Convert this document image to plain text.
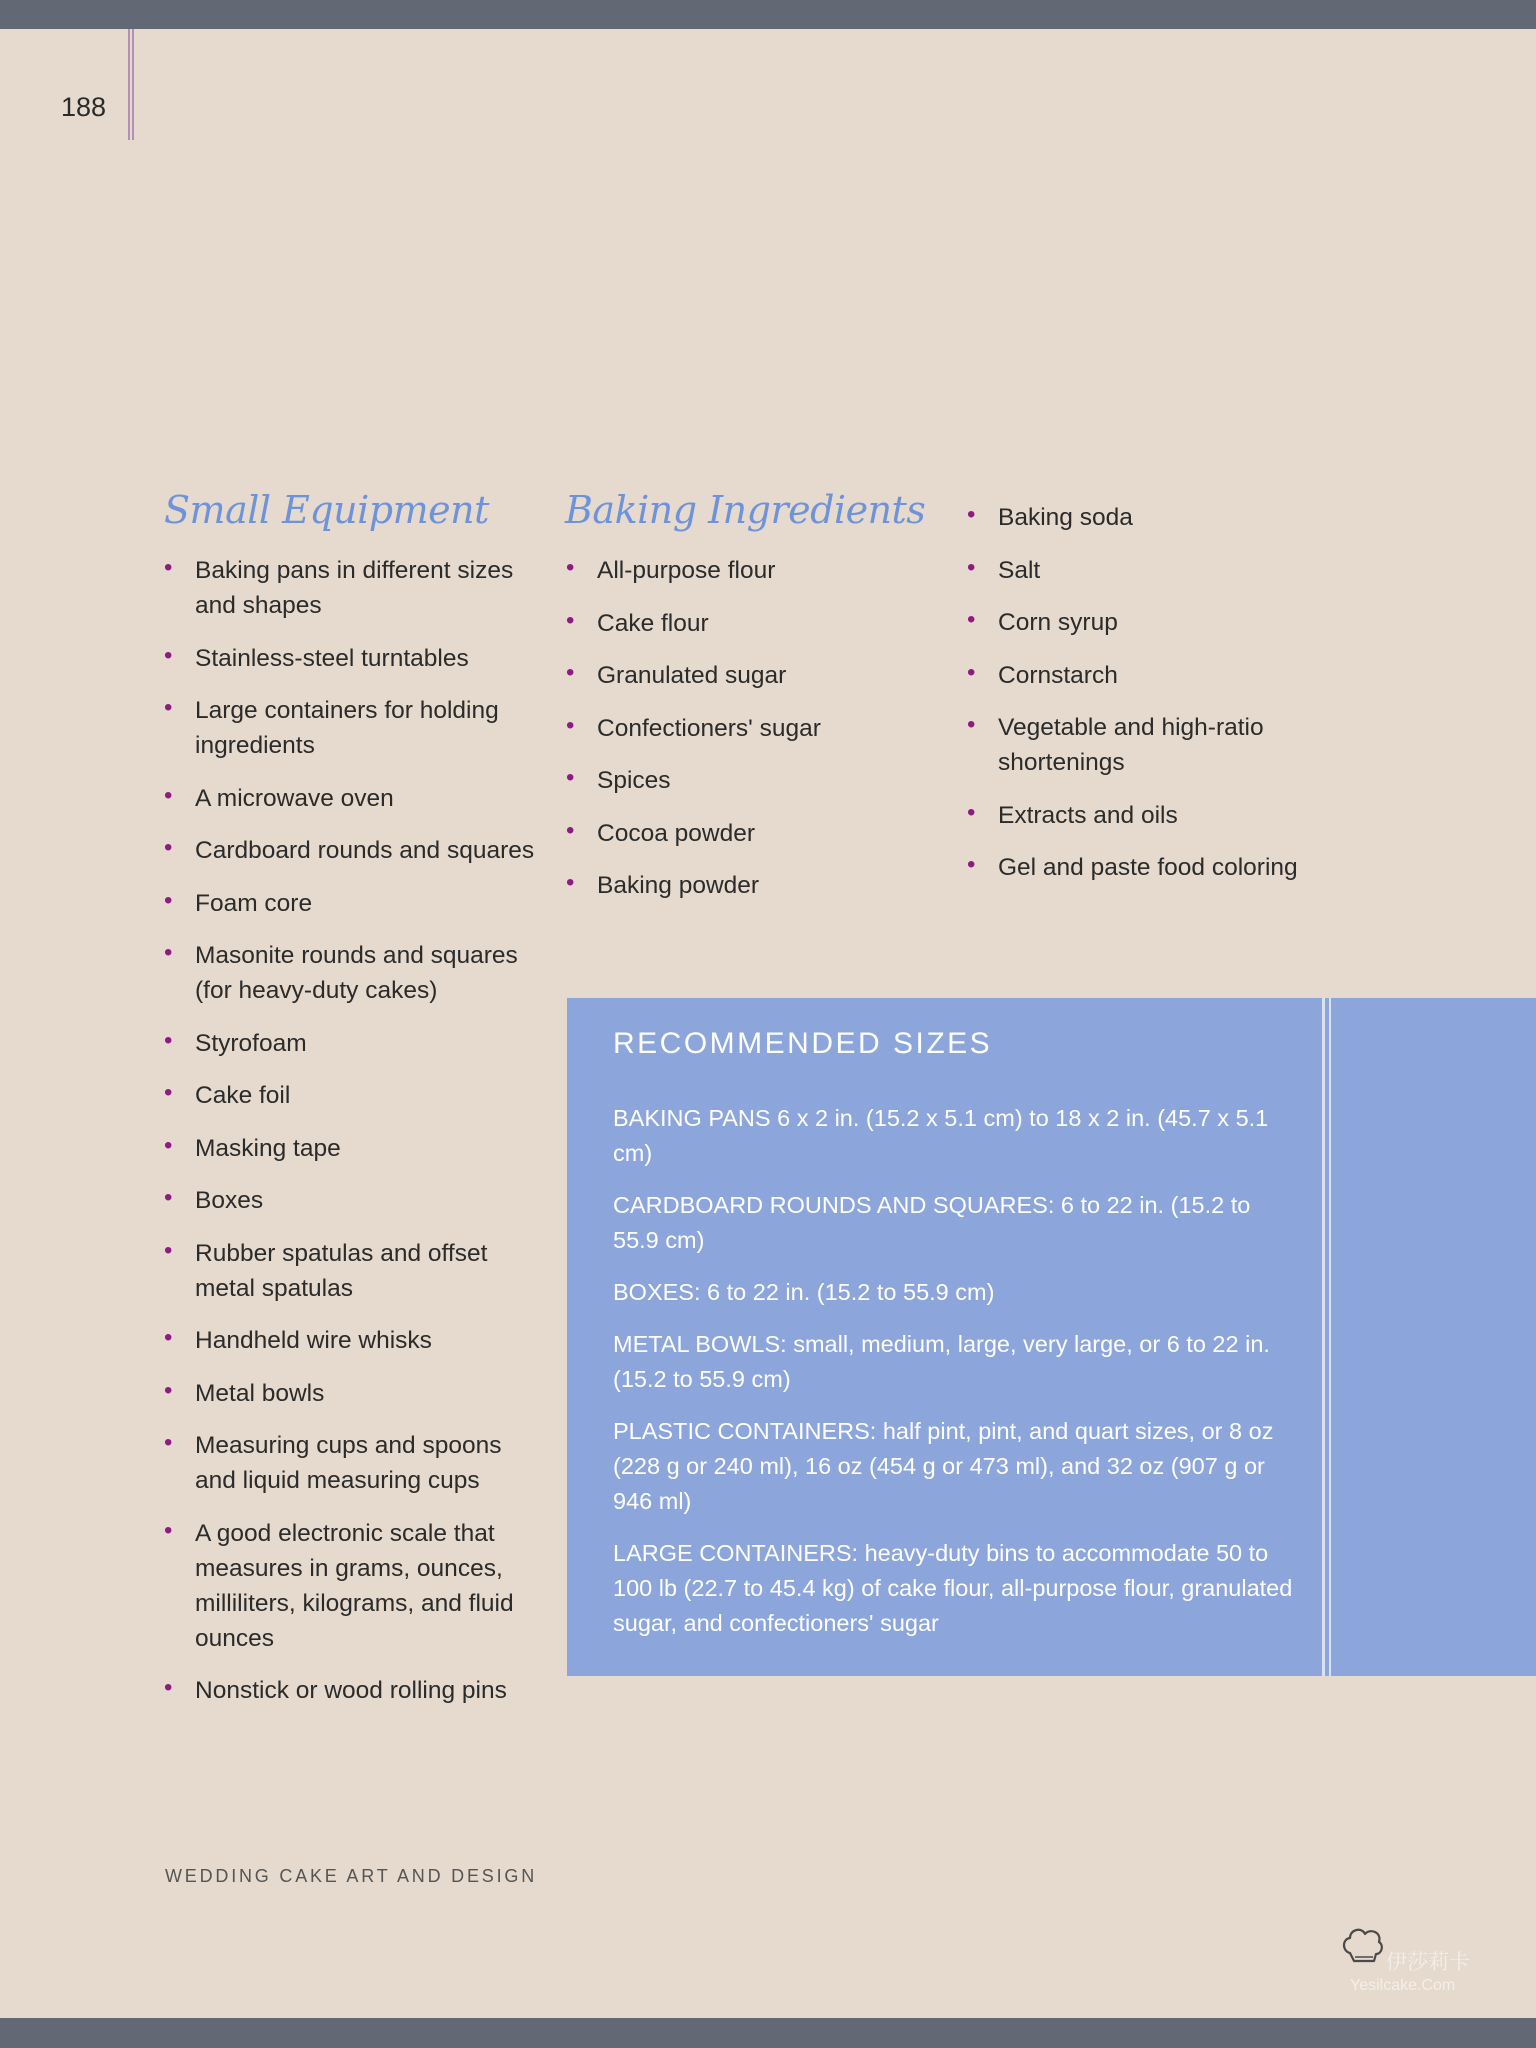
188
Small Equipment
• Baking pans in different sizes and shapes
• Stainless-steel turntables
• Large containers for holding ingredients
• A microwave oven
• Cardboard rounds and squares
• Foam core
• Masonite rounds and squares (for heavy-duty cakes)
• Styrofoam
• Cake foil
• Masking tape
• Boxes
• Rubber spatulas and offset metal spatulas
• Handheld wire whisks
• Metal bowls
• Measuring cups and spoons and liquid measuring cups
• A good electronic scale that measures in grams, ounces, milliliters, kilograms, and fluid ounces
• Nonstick or wood rolling pins
Baking Ingredients
• All-purpose flour
• Cake flour
• Granulated sugar
• Confectioners' sugar
• Spices
• Cocoa powder
• Baking powder
• Baking soda
• Salt
• Corn syrup
• Cornstarch
• Vegetable and high-ratio shortenings
• Extracts and oils
• Gel and paste food coloring
RECOMMENDED SIZES

BAKING PANS 6 x 2 in. (15.2 x 5.1 cm) to 18 x 2 in. (45.7 x 5.1 cm)

CARDBOARD ROUNDS AND SQUARES: 6 to 22 in. (15.2 to 55.9 cm)

BOXES: 6 to 22 in. (15.2 to 55.9 cm)

METAL BOWLS: small, medium, large, very large, or 6 to 22 in. (15.2 to 55.9 cm)

PLASTIC CONTAINERS: half pint, pint, and quart sizes, or 8 oz (228 g or 240 ml), 16 oz (454 g or 473 ml), and 32 oz (907 g or 946 ml)

LARGE CONTAINERS: heavy-duty bins to accommodate 50 to 100 lb (22.7 to 45.4 kg) of cake flour, all-purpose flour, granulated sugar, and confectioners' sugar

WEDDING CAKE ART AND DESIGN
伊莎莉卡
Yesilcake.Com
